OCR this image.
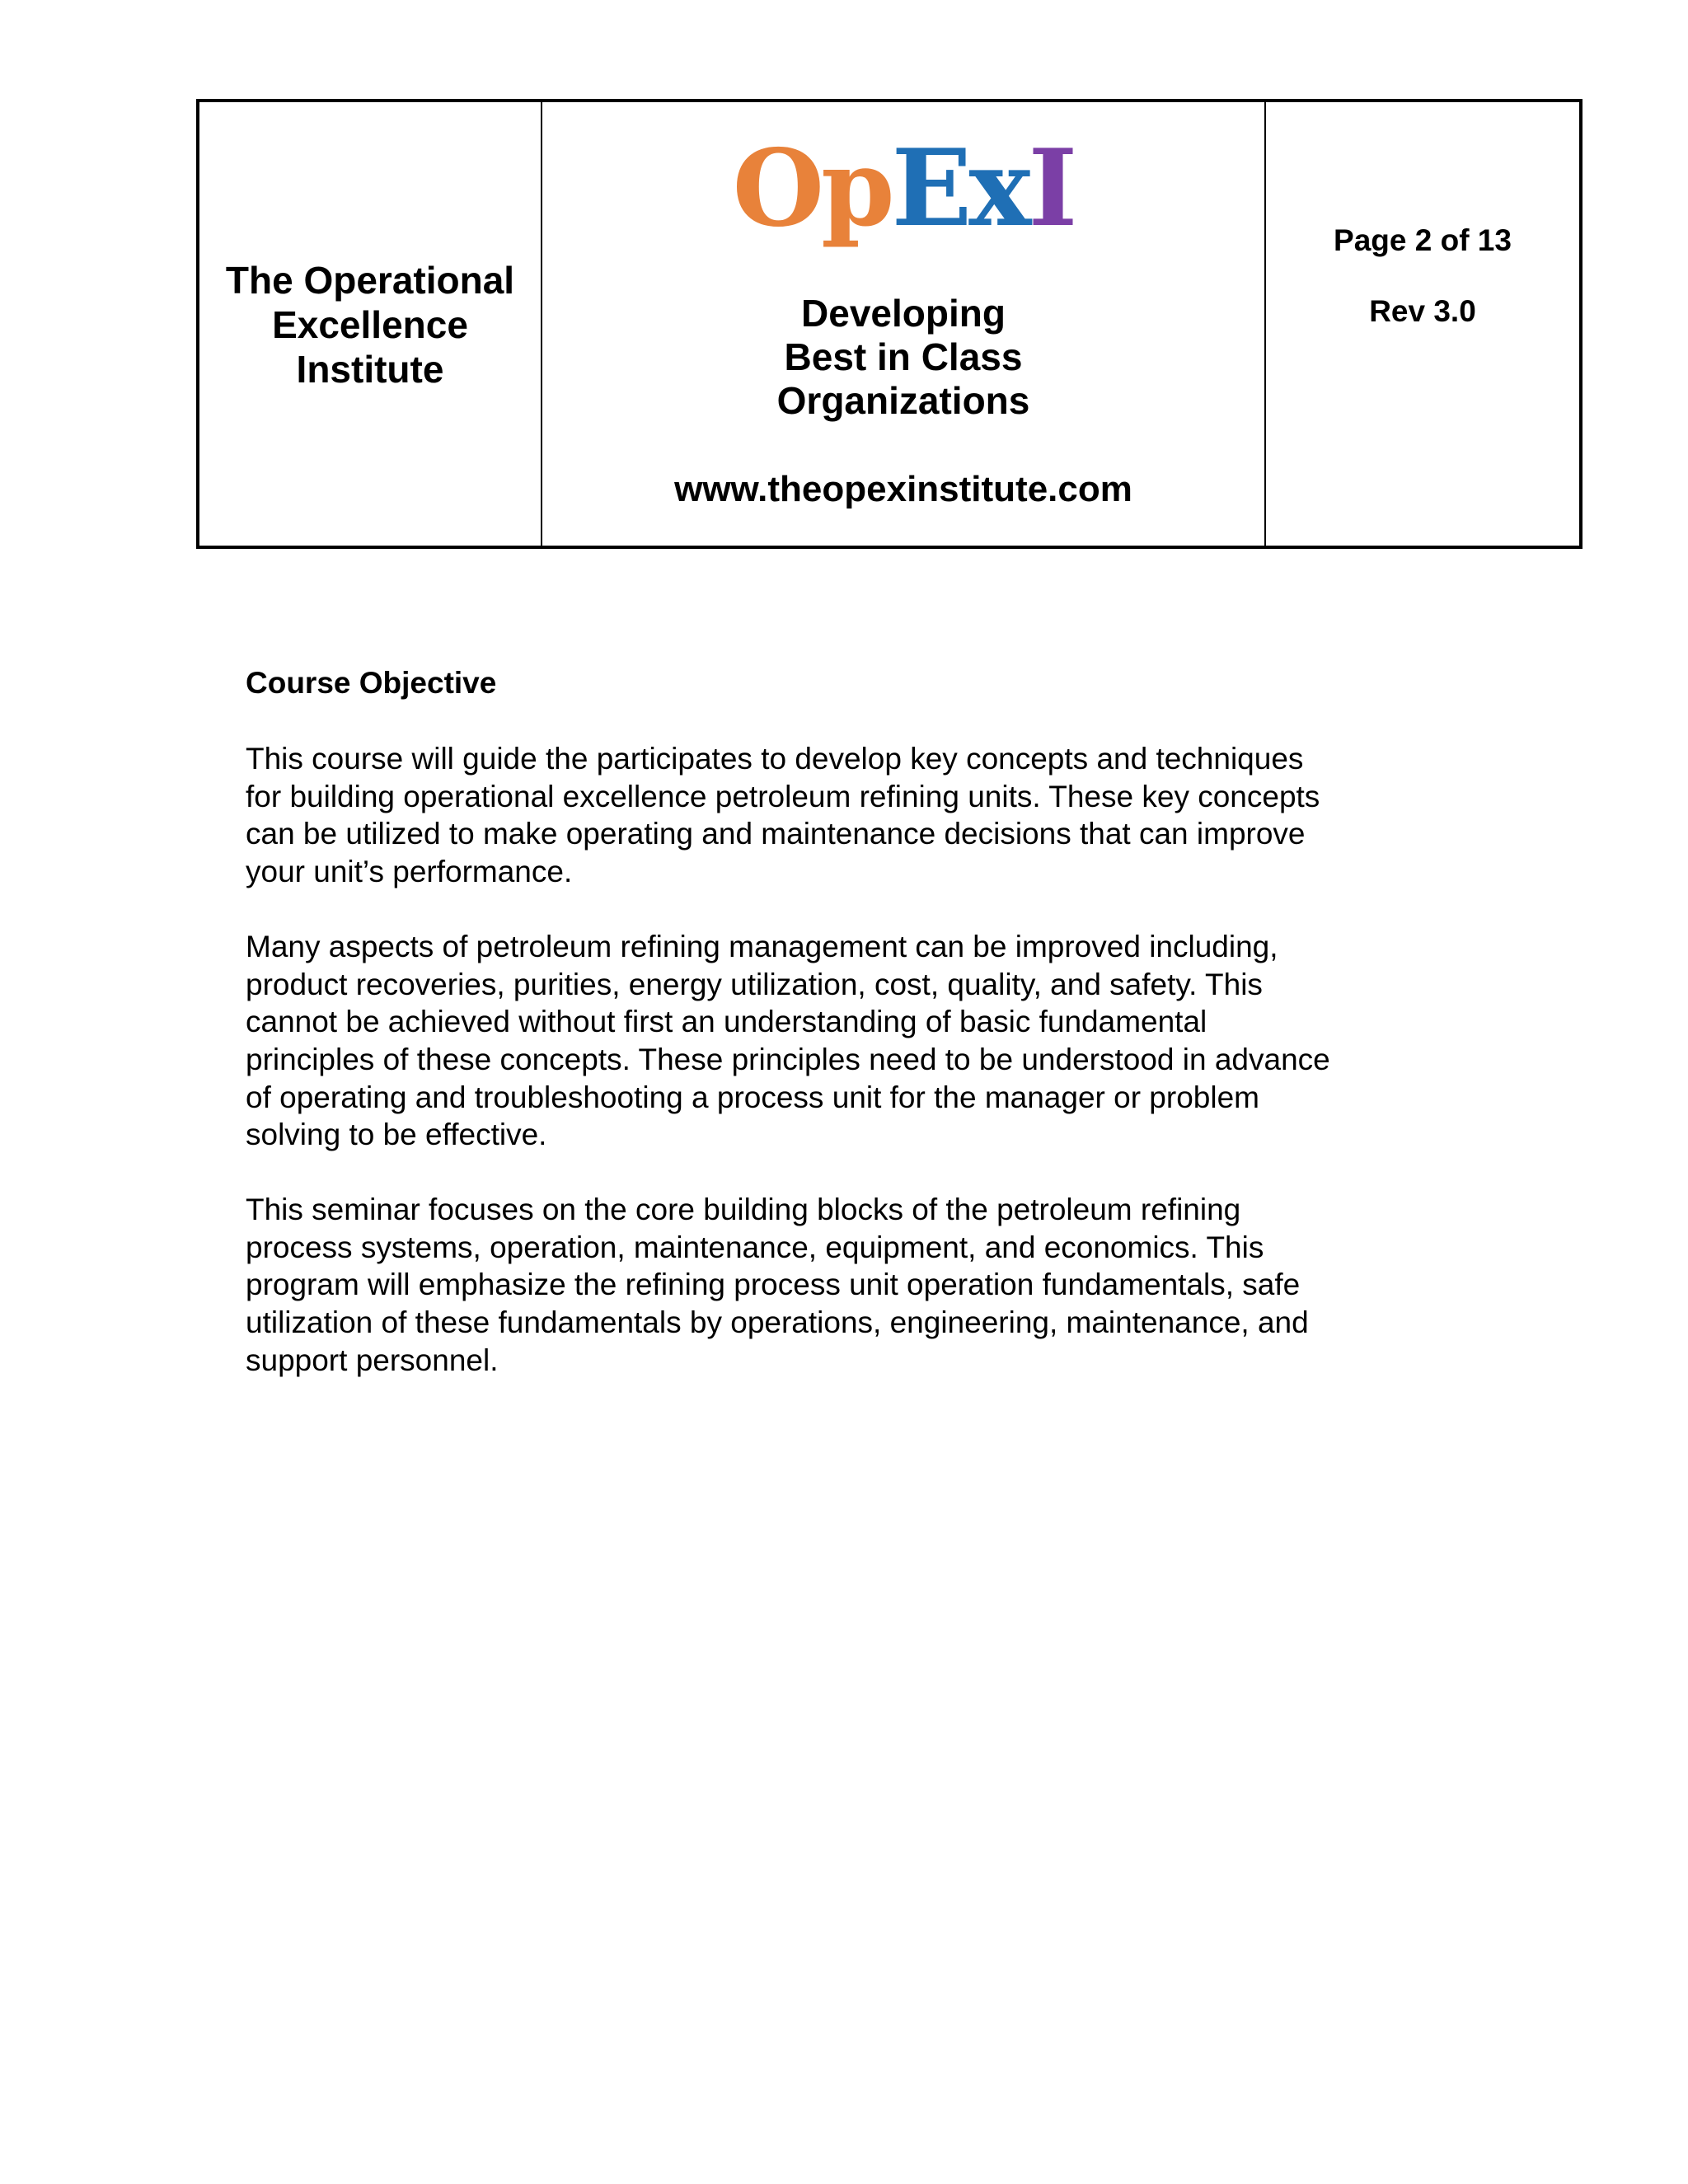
The Operational
Excellence
Institute
OpExI
Developing
Best in Class
Organizations
www.theopexinstitute.com
Page 2 of 13
Rev 3.0
Course Objective
This course will guide the participates to develop key concepts and techniques
for building operational excellence petroleum refining units. These key concepts
can be utilized to make operating and maintenance decisions that can improve
your unit’s performance.
Many aspects of petroleum refining management can be improved including,
product recoveries, purities, energy utilization, cost, quality, and safety. This
cannot be achieved without first an understanding of basic fundamental
principles of these concepts. These principles need to be understood in advance
of operating and troubleshooting a process unit for the manager or problem
solving to be effective.
This seminar focuses on the core building blocks of the petroleum refining
process systems, operation, maintenance, equipment, and economics. This
program will emphasize the refining process unit operation fundamentals, safe
utilization of these fundamentals by operations, engineering, maintenance, and
support personnel.
